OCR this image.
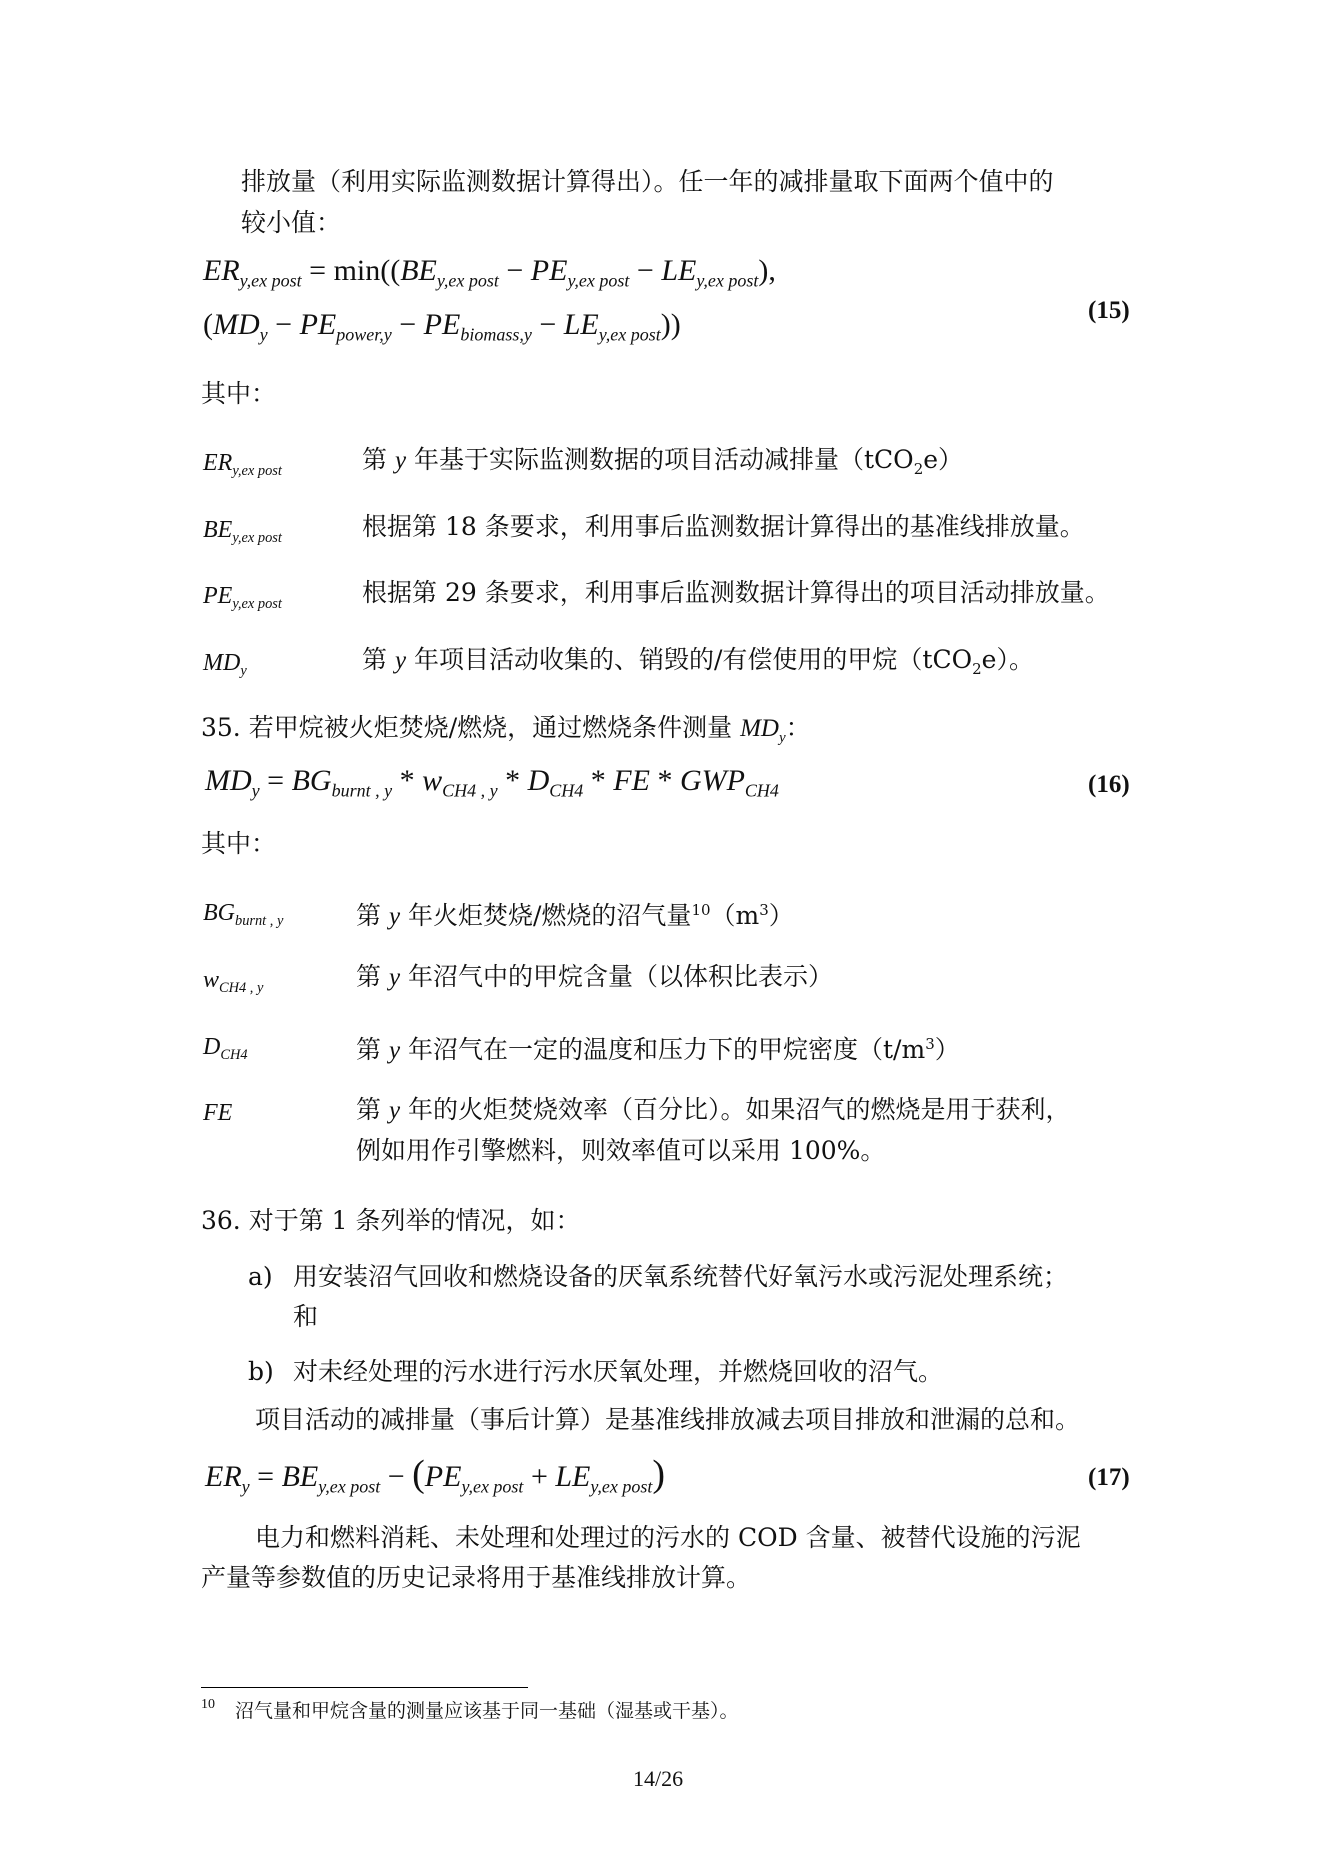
排放量（利用实际监测数据计算得出）。任一年的减排量取下面两个值中的
较小值：
$ER_{y,ex post} = \min((BE_{y,ex post} - PE_{y,ex post} - LE_{y,ex post})$,
$(MD_y - PE_{power,y} - PE_{biomass,y} - LE_{y,ex post})$)	(15)
其中：
$ER_{y,ex post}$	第 y 年基于实际监测数据的项目活动减排量（tCO$_2$e）
$BE_{y,ex post}$	根据第 18 条要求，利用事后监测数据计算得出的基准线排放量。
$PE_{y,ex post}$	根据第 29 条要求，利用事后监测数据计算得出的项目活动排放量。
$MD_y$	第 y 年项目活动收集的、销毁的/有偿使用的甲烷（tCO$_2$e）。
35. 若甲烷被火炬焚烧/燃烧，通过燃烧条件测量 $MD_y$：
$MD_y = BG_{burnt , y} * w_{CH4 , y} * D_{CH4}$ * FE * $GWP_{CH4}$	(16)
其中：
$BG_{burnt , y}$	第 y 年火炬焚烧/燃烧的沼气量$^{10}$（m$^3$）
$w_{CH4 , y}$	第 y 年沼气中的甲烷含量（以体积比表示）
$D_{CH4}$	第 y 年沼气在一定的温度和压力下的甲烷密度（t/m$^3$）
FE	第 y 年的火炬焚烧效率（百分比）。如果沼气的燃烧是用于获利，
例如用作引擎燃料，则效率值可以采用 100%。
36. 对于第 1 条列举的情况，如：
a) 用安装沼气回收和燃烧设备的厌氧系统替代好氧污水或污泥处理系统；
和
b) 对未经处理的污水进行污水厌氧处理，并燃烧回收的沼气。
项目活动的减排量（事后计算）是基准线排放减去项目排放和泄漏的总和。
$ER_y = BE_{y,ex post} - (PE_{y,ex post} + LE_{y,ex post})$	(17)
电力和燃料消耗、未处理和处理过的污水的 COD 含量、被替代设施的污泥
产量等参数值的历史记录将用于基准线排放计算。
10 沼气量和甲烷含量的测量应该基于同一基础（湿基或干基）。
14/26
